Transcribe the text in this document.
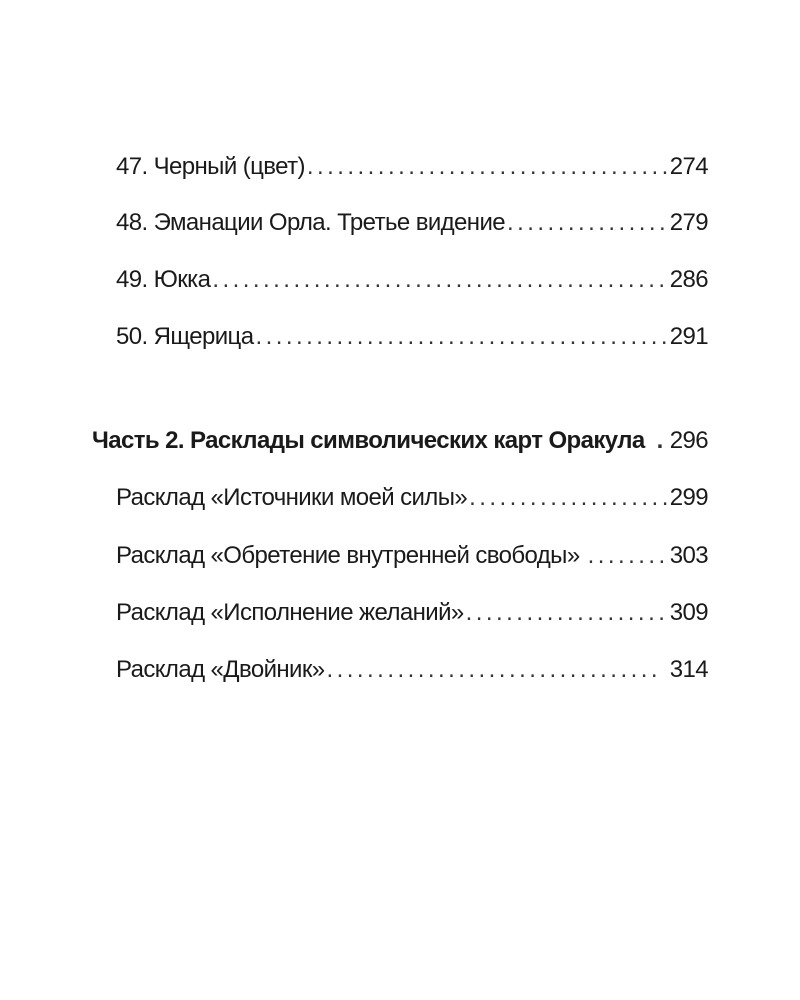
47. Черный (цвет) . . .	274
48. Эманации Орла. Третье видение . . .	279
49. Юкка . . .	286
50. Ящерица . . .	291
Часть 2. Расклады символических карт Оракула . . . 296
Расклад «Источники моей силы» . . .	299
Расклад «Обретение внутренней свободы» . . .	303
Расклад «Исполнение желаний» . . .	309
Расклад «Двойник» . . .	314
